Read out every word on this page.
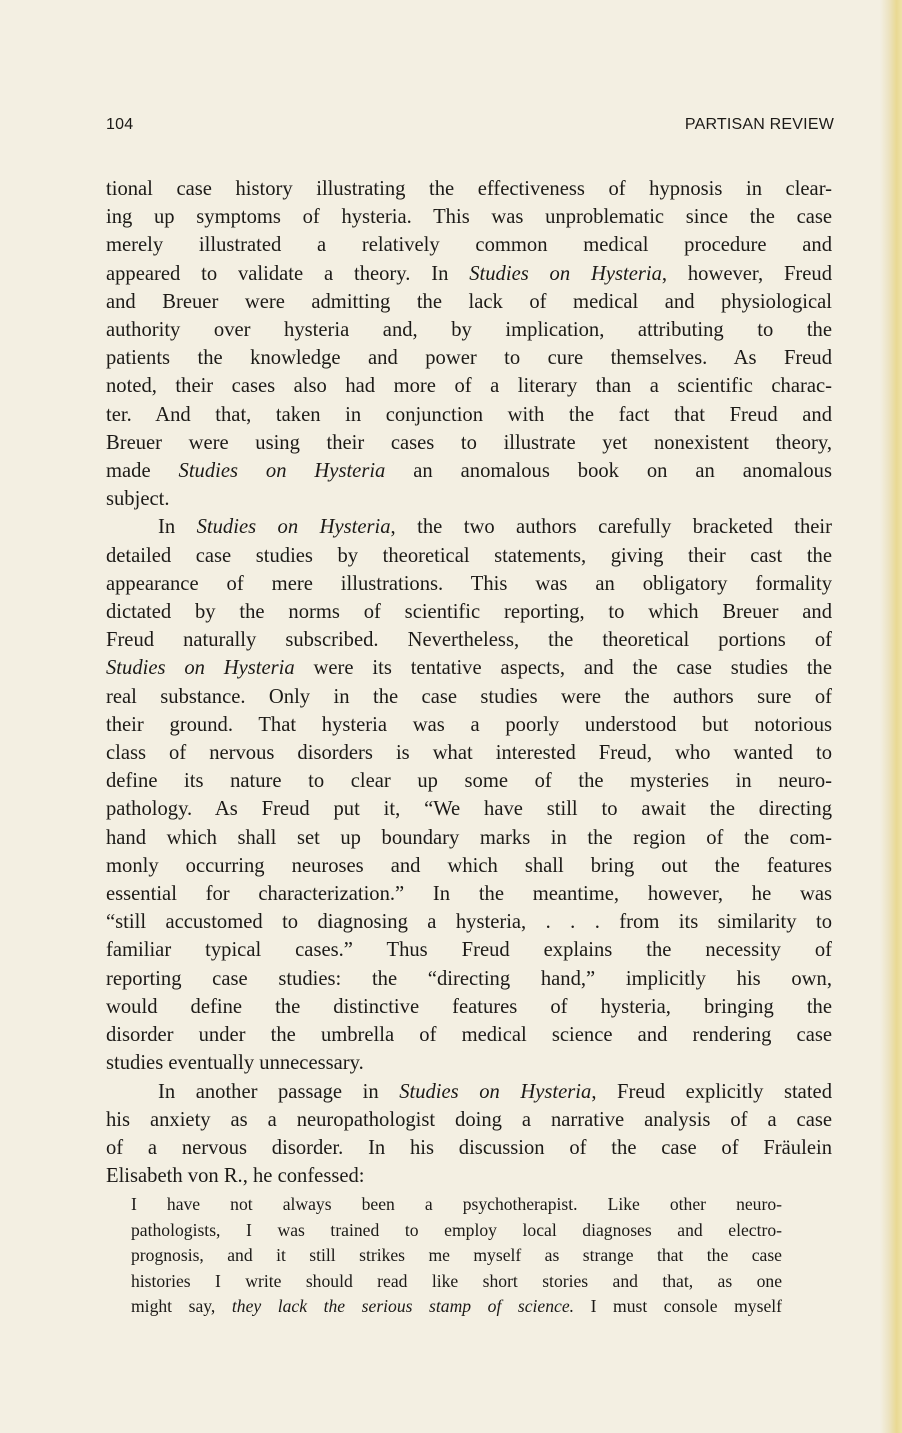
104	PARTISAN REVIEW

tional case history illustrating the effectiveness of hypnosis in clear-

ing up symptoms of hysteria. This was unproblematic since the case

merely illustrated a relatively common medical procedure and

appeared to validate a theory. In Studies on Hysteria, however, Freud

and Breuer were admitting the lack of medical and physiological

authority over hysteria and, by implication, attributing to the

patients the knowledge and power to cure themselves. As Freud

noted, their cases also had more of a literary than a scientific charac-

ter. And that, taken in conjunction with the fact that Freud and

Breuer were using their cases to illustrate yet nonexistent theory,

made Studies on Hysteria an anomalous book on an anomalous

subject.

In Studies on Hysteria, the two authors carefully bracketed their

detailed case studies by theoretical statements, giving their cast the

appearance of mere illustrations. This was an obligatory formality

dictated by the norms of scientific reporting, to which Breuer and

Freud naturally subscribed. Nevertheless, the theoretical portions of

Studies on Hysteria were its tentative aspects, and the case studies the

real substance. Only in the case studies were the authors sure of

their ground. That hysteria was a poorly understood but notorious

class of nervous disorders is what interested Freud, who wanted to

define its nature to clear up some of the mysteries in neuro-

pathology. As Freud put it, “We have still to await the directing

hand which shall set up boundary marks in the region of the com-

monly occurring neuroses and which shall bring out the features

essential for characterization.” In the meantime, however, he was

“still accustomed to diagnosing a hysteria, . . . from its similarity to

familiar typical cases.” Thus Freud explains the necessity of

reporting case studies: the “directing hand,” implicitly his own,

would define the distinctive features of hysteria, bringing the

disorder under the umbrella of medical science and rendering case

studies eventually unnecessary.

In another passage in Studies on Hysteria, Freud explicitly stated

his anxiety as a neuropathologist doing a narrative analysis of a case

of a nervous disorder. In his discussion of the case of Fräulein

Elisabeth von R., he confessed:

I have not always been a psychotherapist. Like other neuro-

pathologists, I was trained to employ local diagnoses and electro-

prognosis, and it still strikes me myself as strange that the case

histories I write should read like short stories and that, as one

might say, they lack the serious stamp of science. I must console myself
